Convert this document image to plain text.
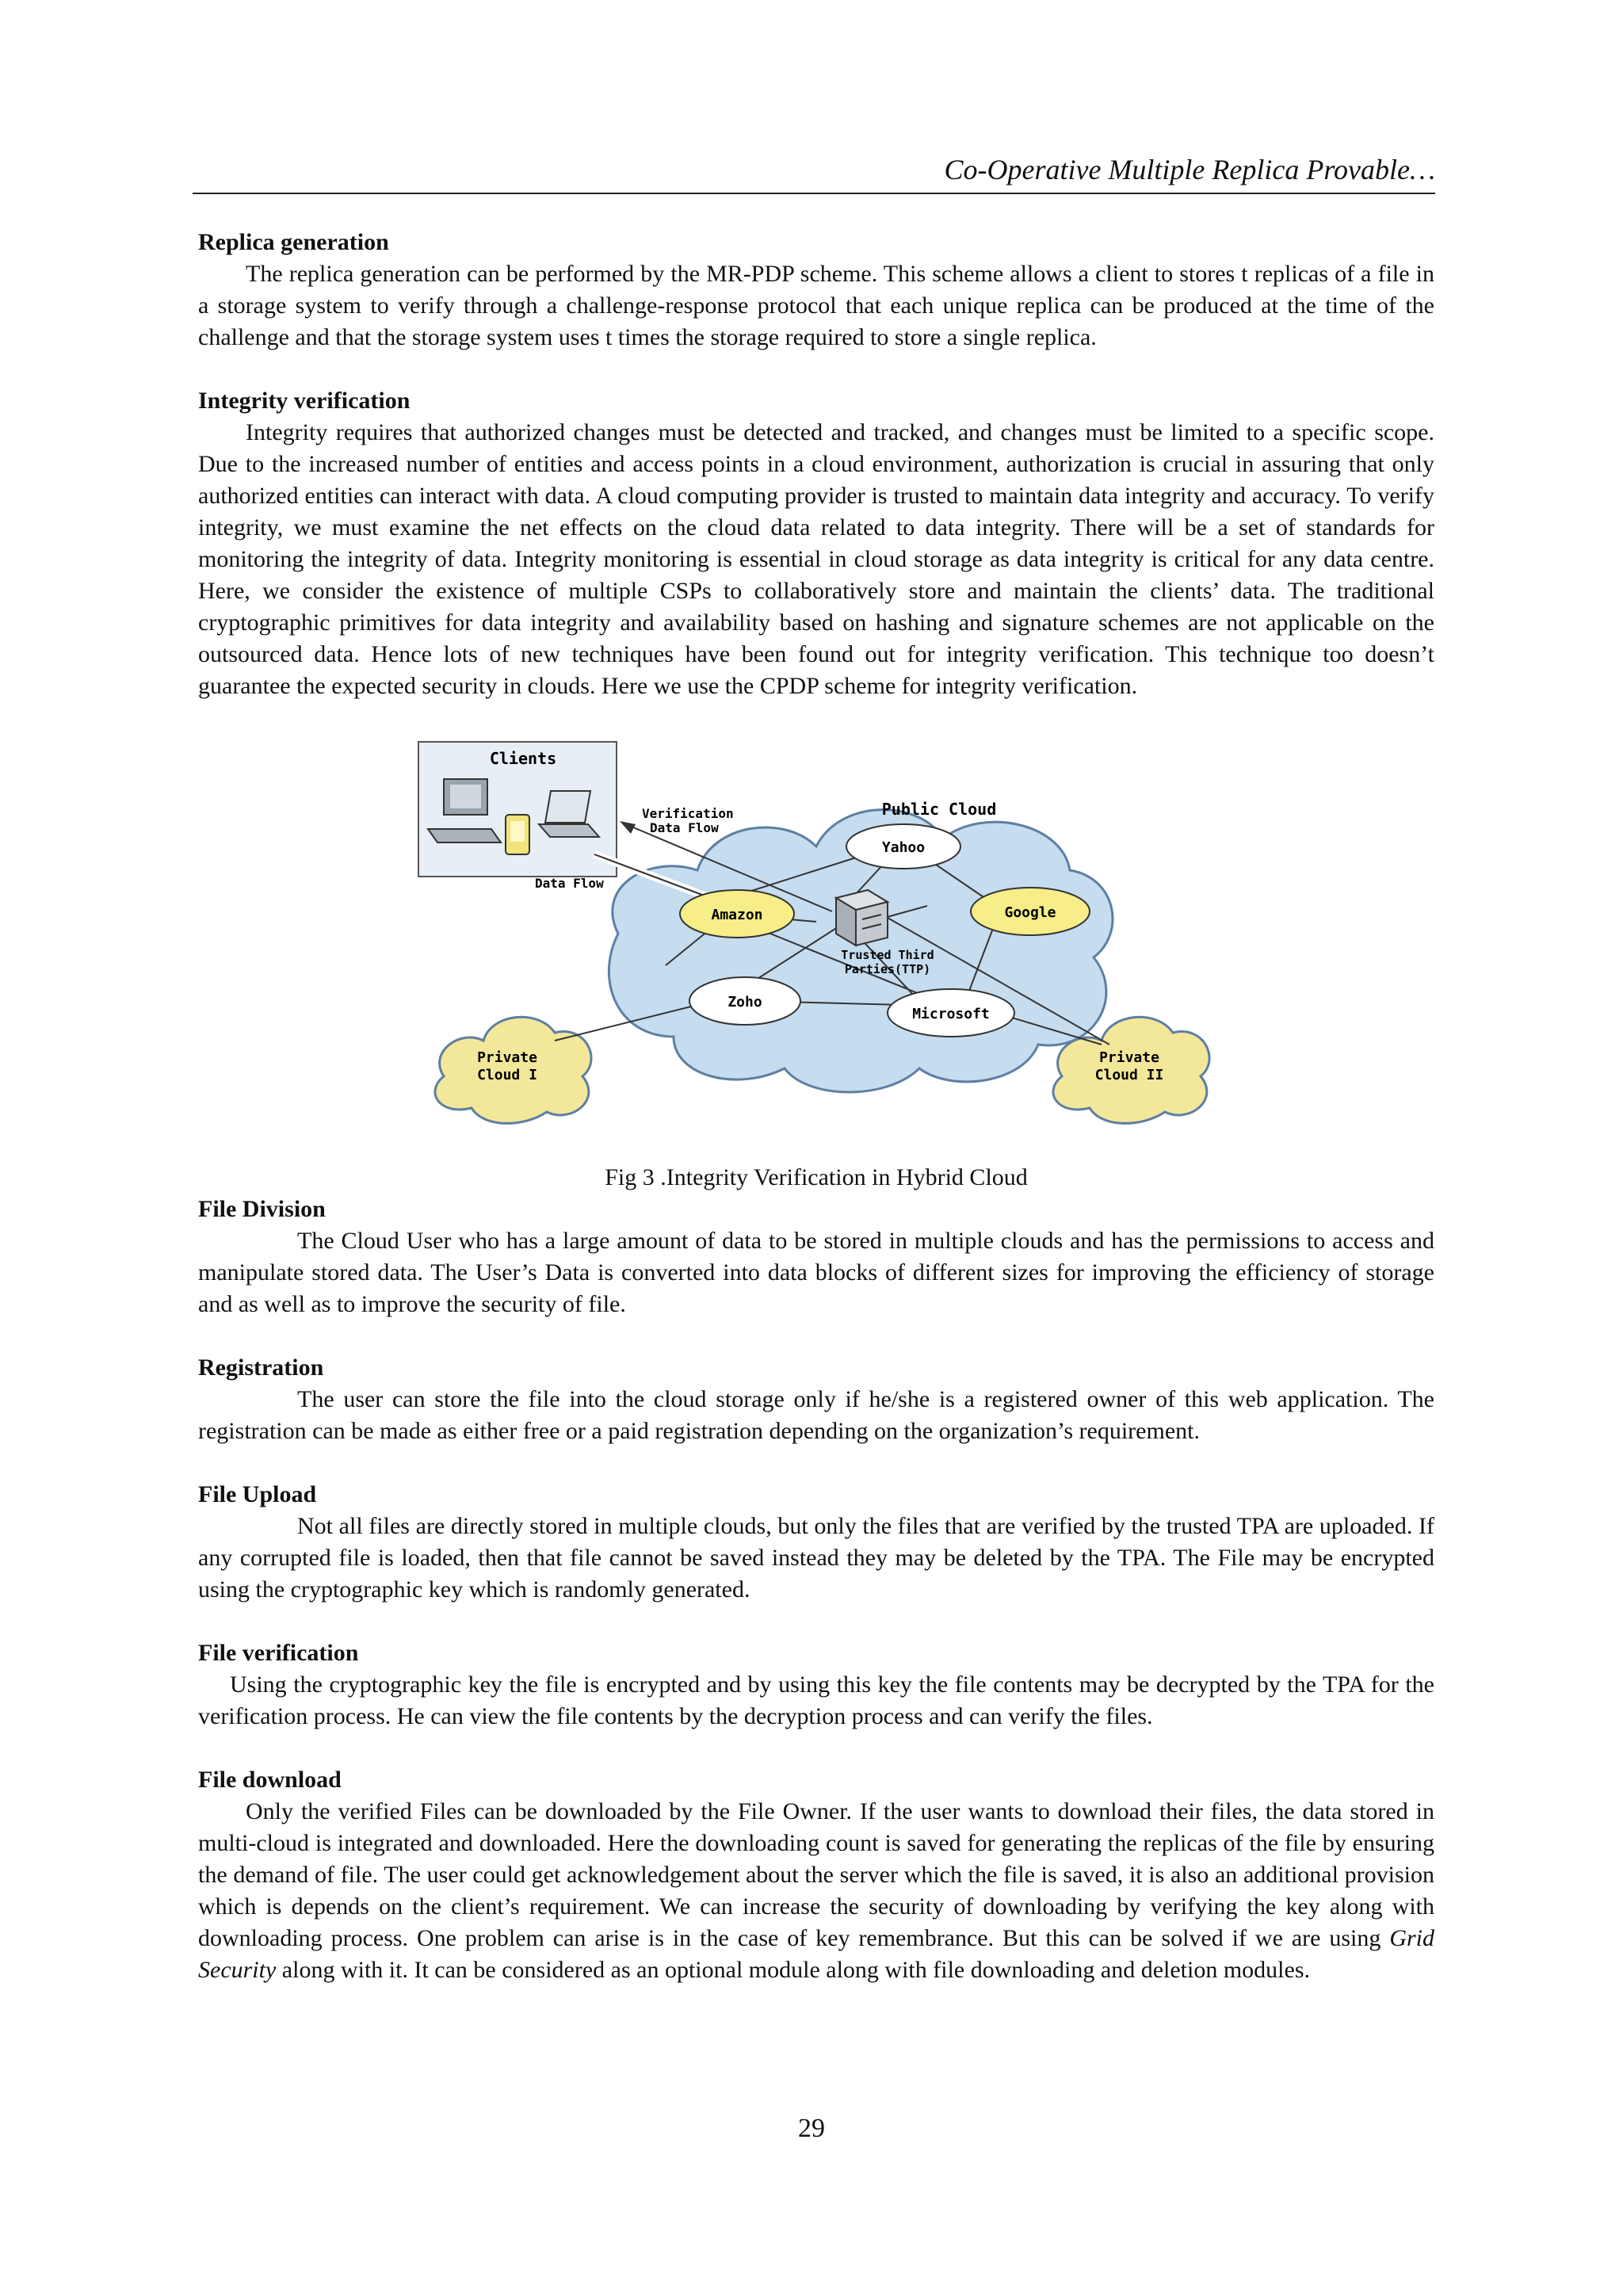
Co-Operative Multiple Replica Provable…
Replica generation

The replica generation can be performed by the MR-PDP scheme. This scheme allows a client to stores t replicas of a file in a storage system to verify through a challenge-response protocol that each unique replica can be produced at the time of the challenge and that the storage system uses t times the storage required to store a single replica.

Integrity verification

Integrity requires that authorized changes must be detected and tracked, and changes must be limited to a specific scope. Due to the increased number of entities and access points in a cloud environment, authorization is crucial in assuring that only authorized entities can interact with data. A cloud computing provider is trusted to maintain data integrity and accuracy. To verify integrity, we must examine the net effects on the cloud data related to data integrity. There will be a set of standards for monitoring the integrity of data. Integrity monitoring is essential in cloud storage as data integrity is critical for any data centre. Here, we consider the existence of multiple CSPs to collaboratively store and maintain the clients’ data. The traditional cryptographic primitives for data integrity and availability based on hashing and signature schemes are not applicable on the outsourced data. Hence lots of new techniques have been found out for integrity verification. This technique too doesn’t guarantee the expected security in clouds. Here we use the CPDP scheme for integrity verification.

Clients
Public Cloud
Private
Cloud I
Private
Cloud II
Verification
Data Flow
Data Flow
Yahoo
Amazon	Google
Zoho
Microsoft
Trusted Third
Parties(TTP)

Fig 3 .Integrity Verification in Hybrid Cloud

File Division

The Cloud User who has a large amount of data to be stored in multiple clouds and has the permissions to access and manipulate stored data. The User’s Data is converted into data blocks of different sizes for improving the efficiency of storage and as well as to improve the security of file.

Registration

The user can store the file into the cloud storage only if he/she is a registered owner of this web application. The registration can be made as either free or a paid registration depending on the organization’s requirement.

File Upload

Not all files are directly stored in multiple clouds, but only the files that are verified by the trusted TPA are uploaded. If any corrupted file is loaded, then that file cannot be saved instead they may be deleted by the TPA. The File may be encrypted using the cryptographic key which is randomly generated.

File verification

Using the cryptographic key the file is encrypted and by using this key the file contents may be decrypted by the TPA for the verification process. He can view the file contents by the decryption process and can verify the files.

File download

Only the verified Files can be downloaded by the File Owner. If the user wants to download their files, the data stored in multi-cloud is integrated and downloaded. Here the downloading count is saved for generating the replicas of the file by ensuring the demand of file. The user could get acknowledgement about the server which the file is saved, it is also an additional provision which is depends on the client’s requirement. We can increase the security of downloading by verifying the key along with downloading process. One problem can arise is in the case of key remembrance. But this can be solved if we are using Grid Security along with it. It can be considered as an optional module along with file downloading and deletion modules.

29
